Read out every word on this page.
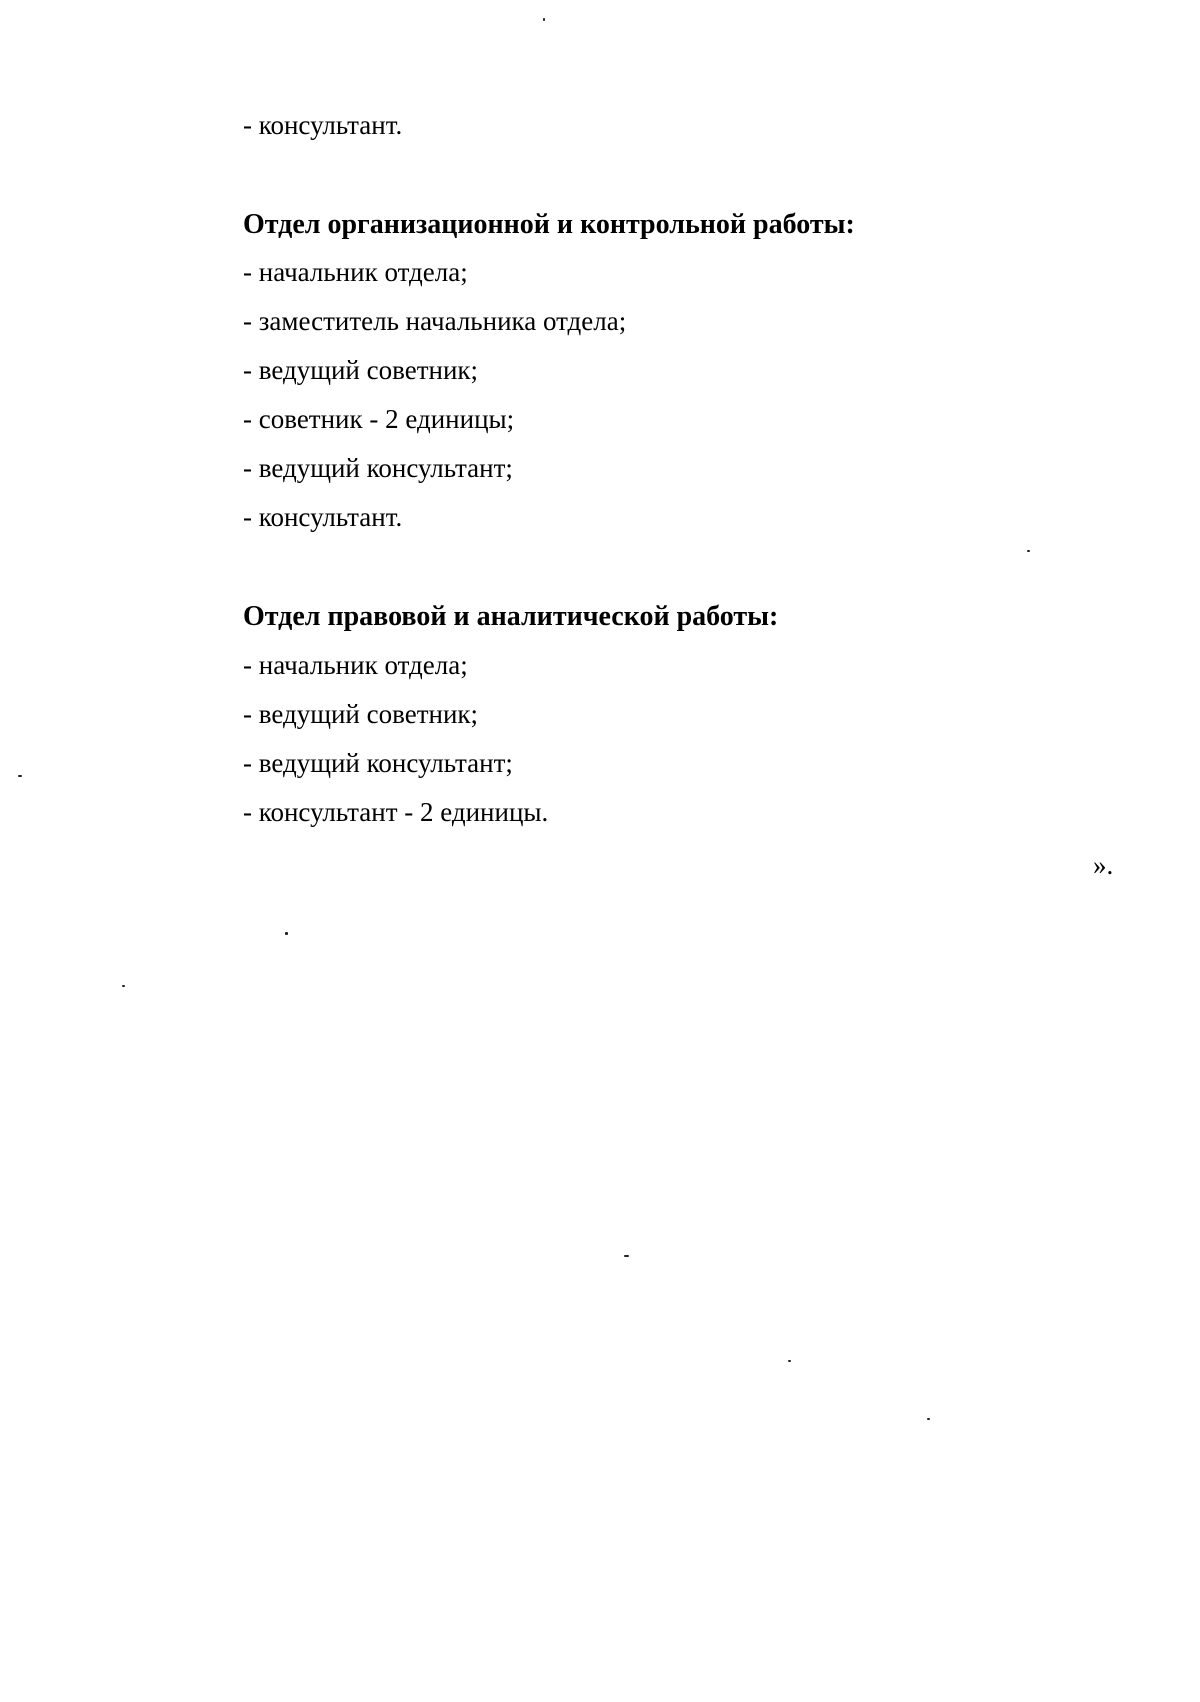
- консультант.
Отдел организационной и контрольной работы:
- начальник отдела;
- заместитель начальника отдела;
- ведущий советник;
- советник - 2 единицы;
- ведущий консультант;
- консультант.
Отдел правовой и аналитической работы:
- начальник отдела;
- ведущий советник;
- ведущий консультант;
- консультант - 2 единицы.
».
